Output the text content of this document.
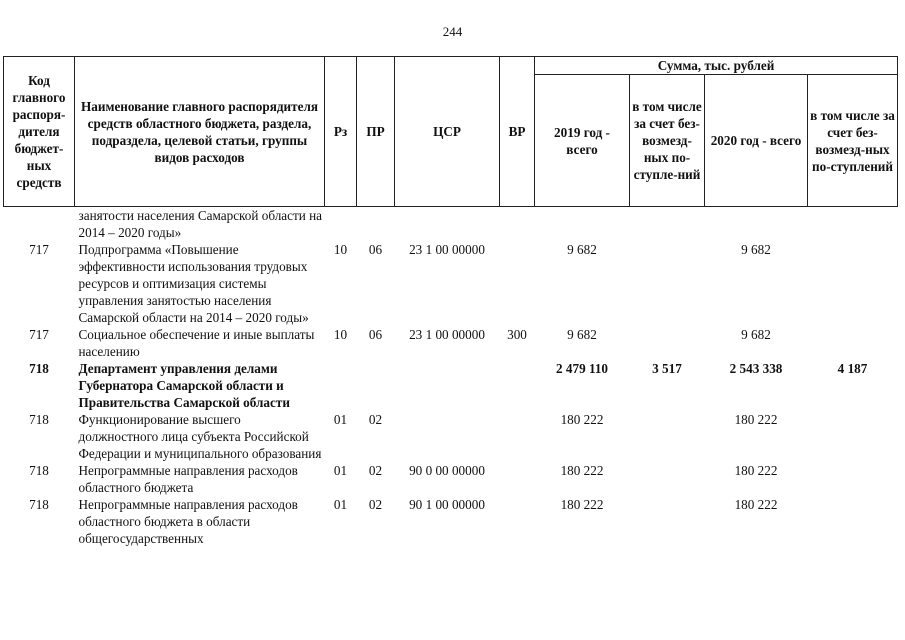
244
Код главного распоря-дителя бюджет-ных средств	Наименование главного распорядителя средств областного бюджета, раздела, подраздела, целевой статьи, группы видов расходов	Рз	ПР	ЦСР	ВР	Сумма, тыс. рублей			
						2019 год - всего	в том числе за счет без-возмезд-ных по-ступле-ний	2020 год - всего	в том числе за счет без-возмезд-ных по-ступлений
	занятости населения Самарской области на 2014 – 2020 годы»								
717	Подпрограмма «Повышение эффективности использования трудовых ресурсов и оптимизация системы управления занятостью населения Самарской области на 2014 – 2020 годы»	10	06	23 1 00 00000		9 682		9 682	
717	Социальное обеспечение и иные выплаты населению	10	06	23 1 00 00000	300	9 682		9 682	
718	Департамент управления делами Губернатора Самарской области и Правительства Самарской области					2 479 110	3 517	2 543 338	4 187
718	Функционирование высшего должностного лица субъекта Российской Федерации и муниципального образования	01	02			180 222		180 222	
718	Непрограммные направления расходов областного бюджета	01	02	90 0 00 00000		180 222		180 222	
718	Непрограммные направления расходов областного бюджета в области общегосударственных	01	02	90 1 00 00000		180 222		180 222	
